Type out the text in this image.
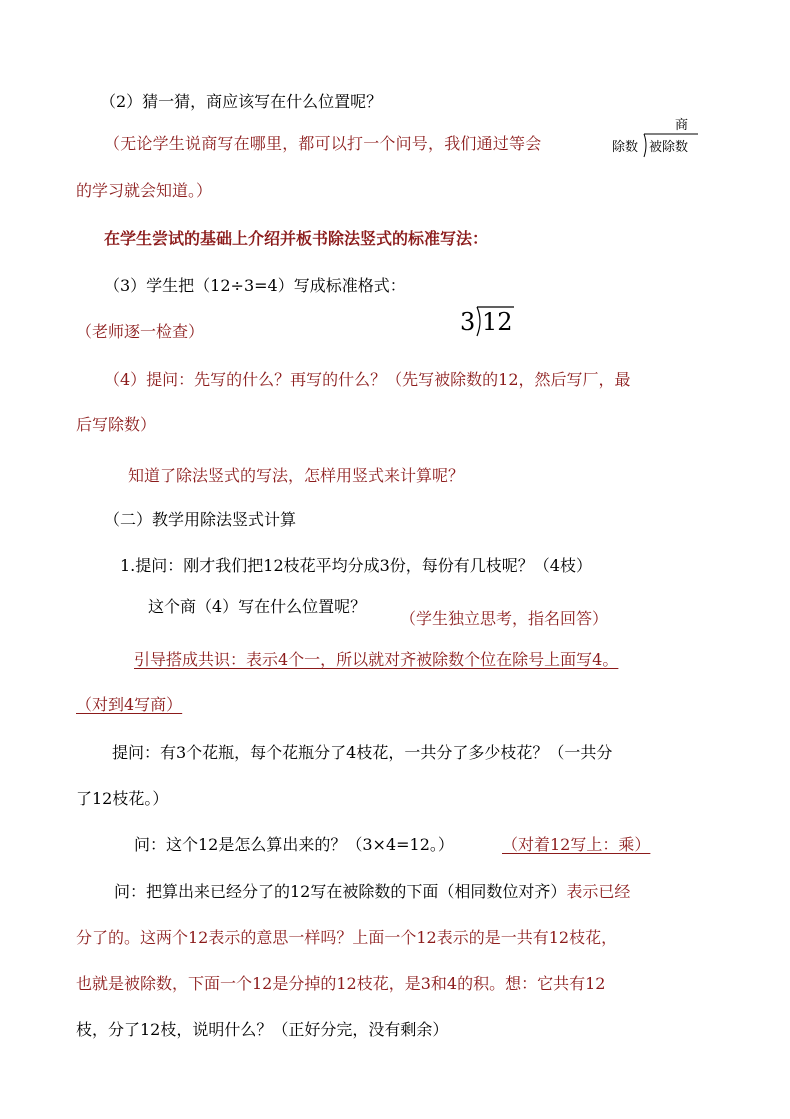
（2）猜一猜，商应该写在什么位置呢？
（无论学生说商写在哪里，都可以打一个问号，我们通过等会
商
除数 被除数
的学习就会知道。）
在学生尝试的基础上介绍并板书除法竖式的标准写法：
（3）学生把（12÷3=4）写成标准格式：
（老师逐一检查）	3 12
（4）提问：先写的什么？再写的什么？（先写被除数的12，然后写厂，最
后写除数）
知道了除法竖式的写法，怎样用竖式来计算呢？
（二）教学用除法竖式计算
1.提问：刚才我们把12枝花平均分成3份，每份有几枝呢？（4枝）
这个商（4）写在什么位置呢？
（学生独立思考，指名回答）
引导搭成共识：表示4个一，所以就对齐被除数个位在除号上面写4。
（对到4写商）
提问：有3个花瓶，每个花瓶分了4枝花，一共分了多少枝花？（一共分
了12枝花。）
问：这个12是怎么算出来的？（3×4=12。）	（对着12写上：乘）
问：把算出来已经分了的12写在被除数的下面（相同数位对齐）表示已经
分了的。这两个12表示的意思一样吗？上面一个12表示的是一共有12枝花，
也就是被除数，下面一个12是分掉的12枝花，是3和4的积。想：它共有12
枝，分了12枝，说明什么？（正好分完，没有剩余）
